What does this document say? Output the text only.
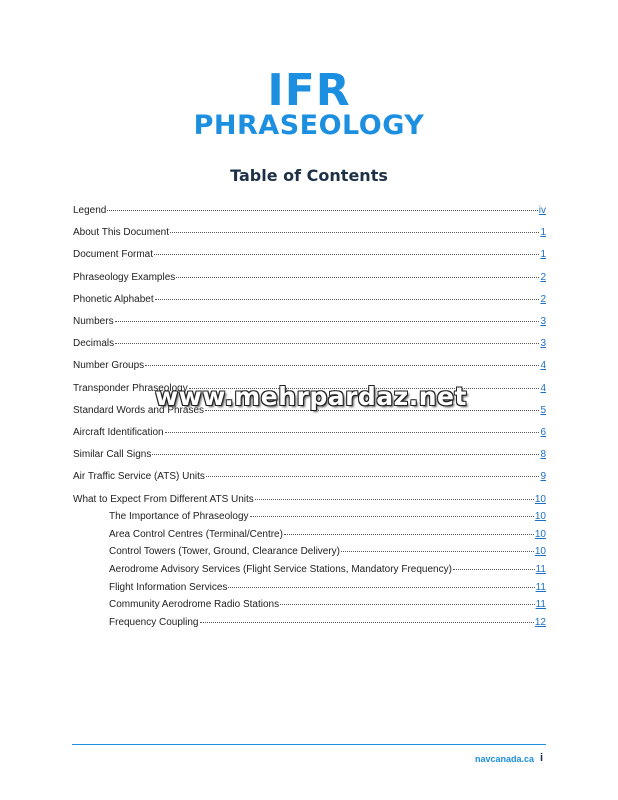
IFR
PHRASEOLOGY
Table of Contents
Legend	iv
About This Document	1
Document Format	1
Phraseology Examples	2
Phonetic Alphabet	2
Numbers	3
Decimals	3
Number Groups	4
Transponder Phraseology	4
Standard Words and Phrases	5
Aircraft Identification	6
Similar Call Signs	8
Air Traffic Service (ATS) Units	9
What to Expect From Different ATS Units	10
The Importance of Phraseology	10
Area Control Centres (Terminal/Centre)	10
Control Towers (Tower, Ground, Clearance Delivery)	10
Aerodrome Advisory Services (Flight Service Stations, Mandatory Frequency)	11
Flight Information Services	11
Community Aerodrome Radio Stations	11
Frequency Coupling	12
www.mehrpardaz.net
navcanada.ca i
